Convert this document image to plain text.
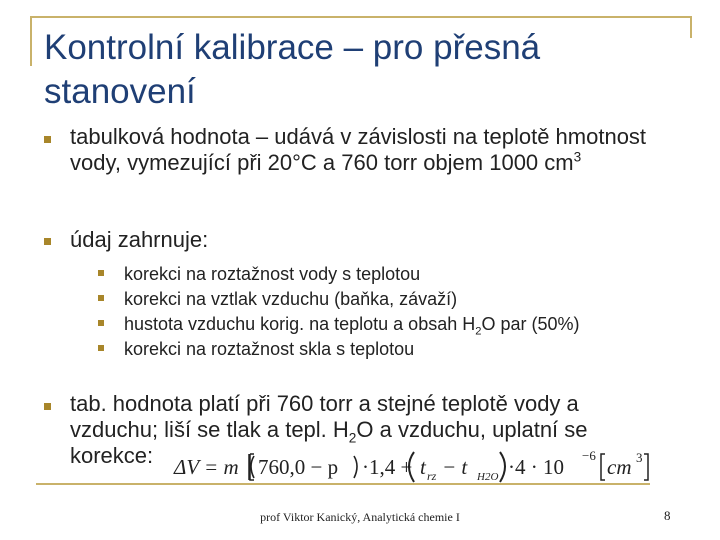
Kontrolní kalibrace – pro přesná stanovení
tabulková hodnota – udává v závislosti na teplotě hmotnost vody, vymezující při 20°C a 760 torr objem 1000 $cm^3$
údaj zahrnuje:
korekci na roztažnost vody s teplotou
korekci na vztlak vzduchu (baňka, závaží)
hustota vzduchu korig. na teplotu a obsah $H_2O$ par (50%)
korekci na roztažnost skla s teplotou
tab. hodnota platí při 760 torr a stejné teplotě vody a
vzduchu; liší se tlak a tepl. $H_2O$ a vzduchu, uplatní se
korekce: ΔV = m 760,0 − p ·1,4 + t rz − t H2O ·4 · 10 −6 cm 3
prof Viktor Kanický, Analytická chemie I	8
